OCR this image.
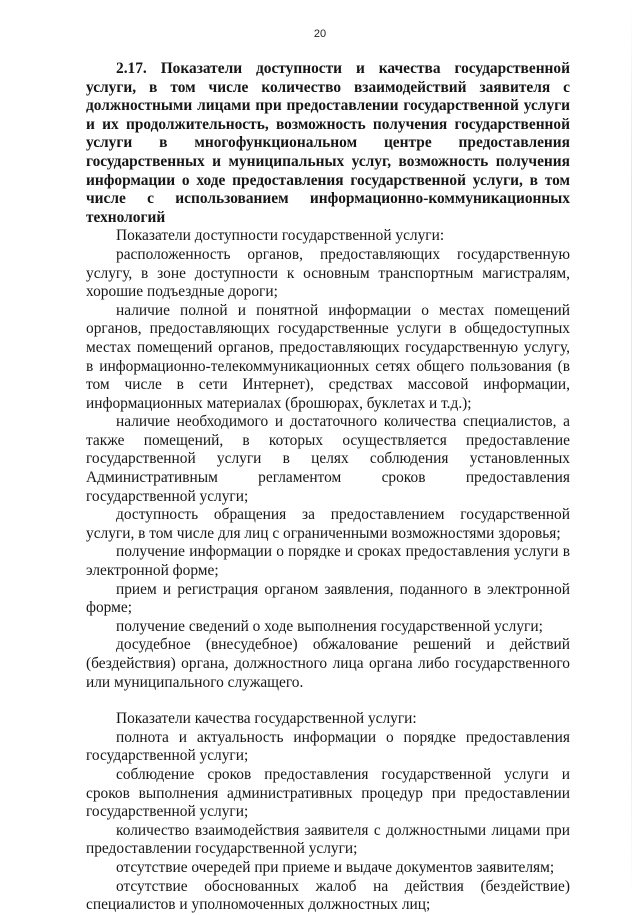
20
2.17. Показатели доступности и качества государственной услуги, в том числе количество взаимодействий заявителя с должностными лицами при предоставлении государственной услуги и их продолжительность, возможность получения государственной услуги в многофункциональном центре предоставления государственных и муниципальных услуг, возможность получения информации о ходе предоставления государственной услуги, в том числе с использованием информационно-коммуникационных технологий

Показатели доступности государственной услуги:

расположенность органов, предоставляющих государственную услугу, в зоне доступности к основным транспортным магистралям, хорошие подъездные дороги;

наличие полной и понятной информации о местах помещений органов, предоставляющих государственные услуги в общедоступных местах помещений органов, предоставляющих государственную услугу, в информационно-телекоммуникационных сетях общего пользования (в том числе в сети Интернет), средствах массовой информации, информационных материалах (брошюрах, буклетах и т.д.);

наличие необходимого и достаточного количества специалистов, а также помещений, в которых осуществляется предоставление государственной услуги в целях соблюдения установленных Административным регламентом сроков предоставления государственной услуги;

доступность обращения за предоставлением государственной услуги, в том числе для лиц с ограниченными возможностями здоровья;

получение информации о порядке и сроках предоставления услуги в электронной форме;

прием и регистрация органом заявления, поданного в электронной форме;

получение сведений о ходе выполнения государственной услуги;

досудебное (внесудебное) обжалование решений и действий (бездействия) органа, должностного лица органа либо государственного или муниципального служащего.

Показатели качества государственной услуги:

полнота и актуальность информации о порядке предоставления государственной услуги;

соблюдение сроков предоставления государственной услуги и сроков выполнения административных процедур при предоставлении государственной услуги;

количество взаимодействия заявителя с должностными лицами при предоставлении государственной услуги;

отсутствие очередей при приеме и выдаче документов заявителям;

отсутствие обоснованных жалоб на действия (бездействие) специалистов и уполномоченных должностных лиц;
